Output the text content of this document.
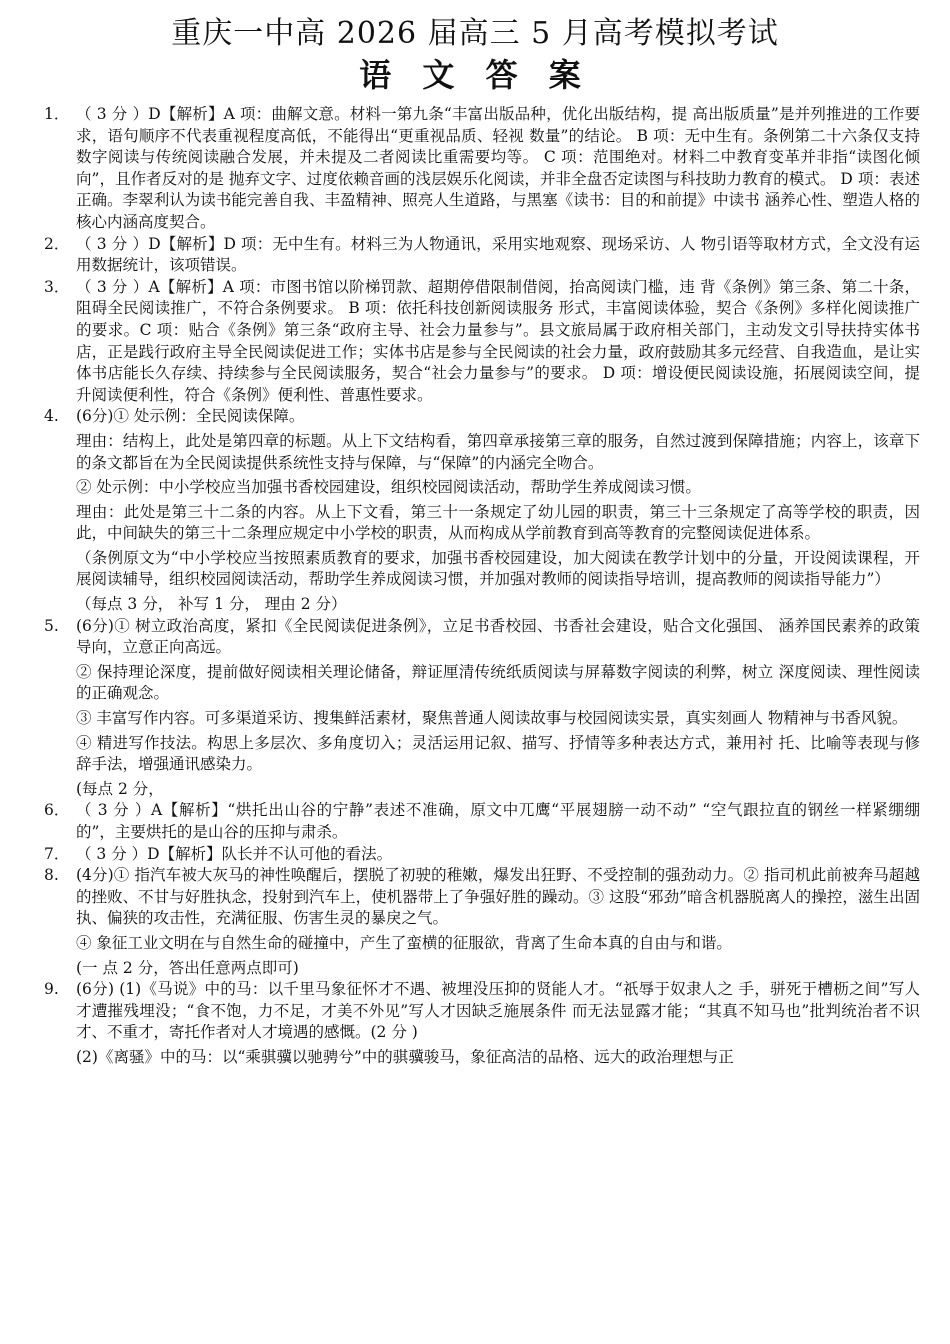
重庆一中高 2026 届高三 5 月高考模拟考试
语 文 答 案
1． （ 3 分 ）D【解析】A 项：曲解文意。材料一第九条“丰富出版品种，优化出版结构，提 高出版质量”是并列推进的工作要求，语句顺序不代表重视程度高低，不能得出“更重视品质、轻视 数量”的结论。 B 项：无中生有。条例第二十六条仅支持数字阅读与传统阅读融合发展，并未提及二者阅读比重需要均等。 C 项：范围绝对。材料二中教育变革并非指“读图化倾向”，且作者反对的是 抛弃文字、过度依赖音画的浅层娱乐化阅读，并非全盘否定读图与科技助力教育的模式。 D 项：表述 正确。李翠利认为读书能完善自我、丰盈精神、照亮人生道路，与黑塞《读书：目的和前提》中读书 涵养心性、塑造人格的核心内涵高度契合。

2． （ 3 分 ）D【解析】D 项：无中生有。材料三为人物通讯，采用实地观察、现场采访、人 物引语等取材方式，全文没有运用数据统计，该项错误。

3． （ 3 分 ）A【解析】A 项：市图书馆以阶梯罚款、超期停借限制借阅，抬高阅读门槛，违 背《条例》第三条、第二十条，阻碍全民阅读推广，不符合条例要求。 B 项：依托科技创新阅读服务 形式，丰富阅读体验，契合《条例》多样化阅读推广的要求。C 项：贴合《条例》第三条“政府主导、社会力量参与”。县文旅局属于政府相关部门，主动发文引导扶持实体书店，正是践行政府主导全民阅读促进工作；实体书店是参与全民阅读的社会力量，政府鼓励其多元经营、自我造血，是让实体书店能长久存续、持续参与全民阅读服务，契合“社会力量参与”的要求。 D 项：增设便民阅读设施，拓展阅读空间，提升阅读便利性，符合《条例》便利性、普惠性要求。

4.	(6分)① 处示例：全民阅读保障。

理由：结构上，此处是第四章的标题。从上下文结构看，第四章承接第三章的服务，自然过渡到保障措施；内容上，该章下的条文都旨在为全民阅读提供系统性支持与保障，与“保障”的内涵完全吻合。

② 处示例：中小学校应当加强书香校园建设，组织校园阅读活动，帮助学生养成阅读习惯。

理由：此处是第三十二条的内容。从上下文看，第三十一条规定了幼儿园的职责，第三十三条规定了高等学校的职责，因此，中间缺失的第三十二条理应规定中小学校的职责，从而构成从学前教育到高等教育的完整阅读促进体系。

（条例原文为“中小学校应当按照素质教育的要求，加强书香校园建设，加大阅读在教学计划中的分量，开设阅读课程，开展阅读辅导，组织校园阅读活动，帮助学生养成阅读习惯，并加强对教师的阅读指导培训，提高教师的阅读指导能力”）

（每点 3 分， 补写 1 分， 理由 2 分）

5.	(6分)① 树立政治高度，紧扣《全民阅读促进条例》，立足书香校园、书香社会建设，贴合文化强国、 涵养国民素养的政策导向，立意正向高远。

② 保持理论深度，提前做好阅读相关理论储备，辩证厘清传统纸质阅读与屏幕数字阅读的利弊，树立 深度阅读、理性阅读的正确观念。

③ 丰富写作内容。可多渠道采访、搜集鲜活素材，聚焦普通人阅读故事与校园阅读实景，真实刻画人 物精神与书香风貌。

④ 精进写作技法。构思上多层次、多角度切入；灵活运用记叙、描写、抒情等多种表达方式，兼用衬 托、比喻等表现与修辞手法，增强通讯感染力。

(每点 2 分，

6． （ 3 分 ）A【解析】“烘托出山谷的宁静”表述不准确，原文中兀鹰“平展翅膀一动不动” “空气跟拉直的钢丝一样紧绷绷的”，主要烘托的是山谷的压抑与肃杀。

7． （ 3 分 ）D【解析】队长并不认可他的看法。

8.	(4分)① 指汽车被大灰马的神性唤醒后，摆脱了初驶的稚嫩，爆发出狂野、不受控制的强劲动力。② 指司机此前被奔马超越的挫败、不甘与好胜执念，投射到汽车上，使机器带上了争强好胜的躁动。③ 这股“邪劲”暗含机器脱离人的操控，滋生出固执、偏狭的攻击性，充满征服、伤害生灵的暴戾之气。

④ 象征工业文明在与自然生命的碰撞中，产生了蛮横的征服欲，背离了生命本真的自由与和谐。

(一 点 2 分，答出任意两点即可)

9.	(6分) (1)《马说》中的马：以千里马象征怀才不遇、被埋没压抑的贤能人才。“祇辱于奴隶人之 手，骈死于槽枥之间”写人才遭摧残埋没；“食不饱，力不足，才美不外见”写人才因缺乏施展条件 而无法显露才能；“其真不知马也”批判统治者不识才、不重才，寄托作者对人才境遇的感慨。(2 分 )

(2)《离骚》中的马：以“乘骐骥以驰骋兮”中的骐骥骏马，象征高洁的品格、远大的政治理想与正
